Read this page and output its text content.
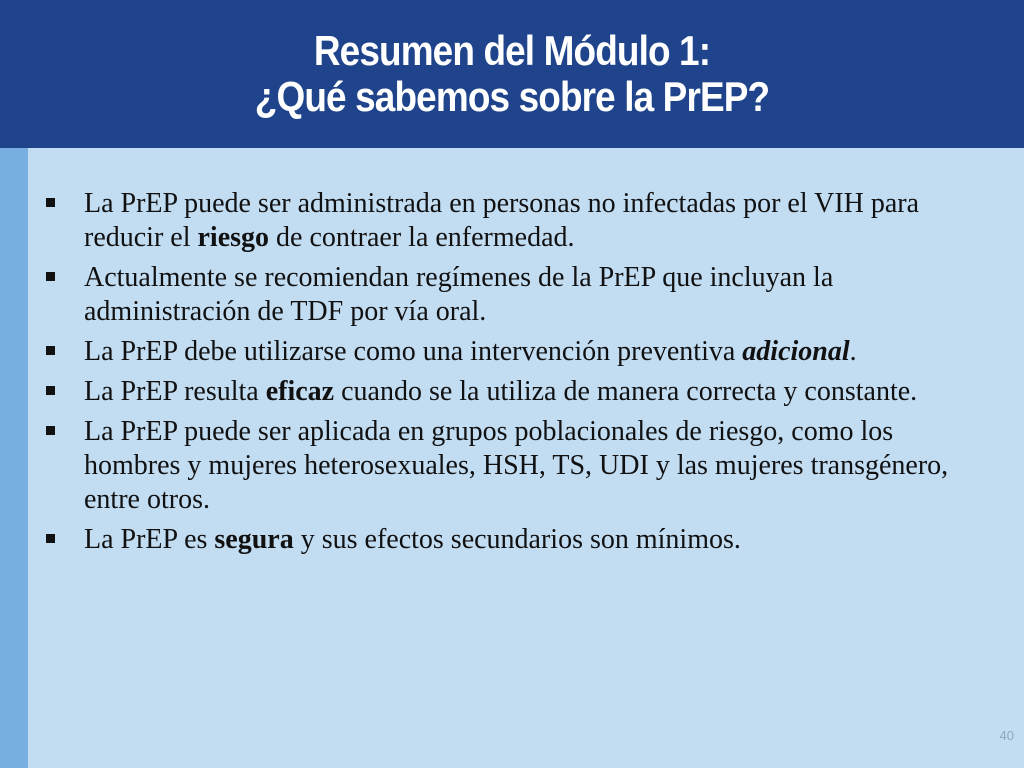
Resumen del Módulo 1:
¿Qué sabemos sobre la PrEP?
La PrEP puede ser administrada en personas no infectadas por el VIH para reducir el riesgo de contraer la enfermedad.
Actualmente se recomiendan regímenes de la PrEP que incluyan la administración de TDF por vía oral.
La PrEP debe utilizarse como una intervención preventiva adicional.
La PrEP resulta eficaz cuando se la utiliza de manera correcta y constante.
La PrEP puede ser aplicada en grupos poblacionales de riesgo, como los hombres y mujeres heterosexuales, HSH, TS, UDI y las mujeres transgénero, entre otros.
La PrEP es segura y sus efectos secundarios son mínimos.
40
